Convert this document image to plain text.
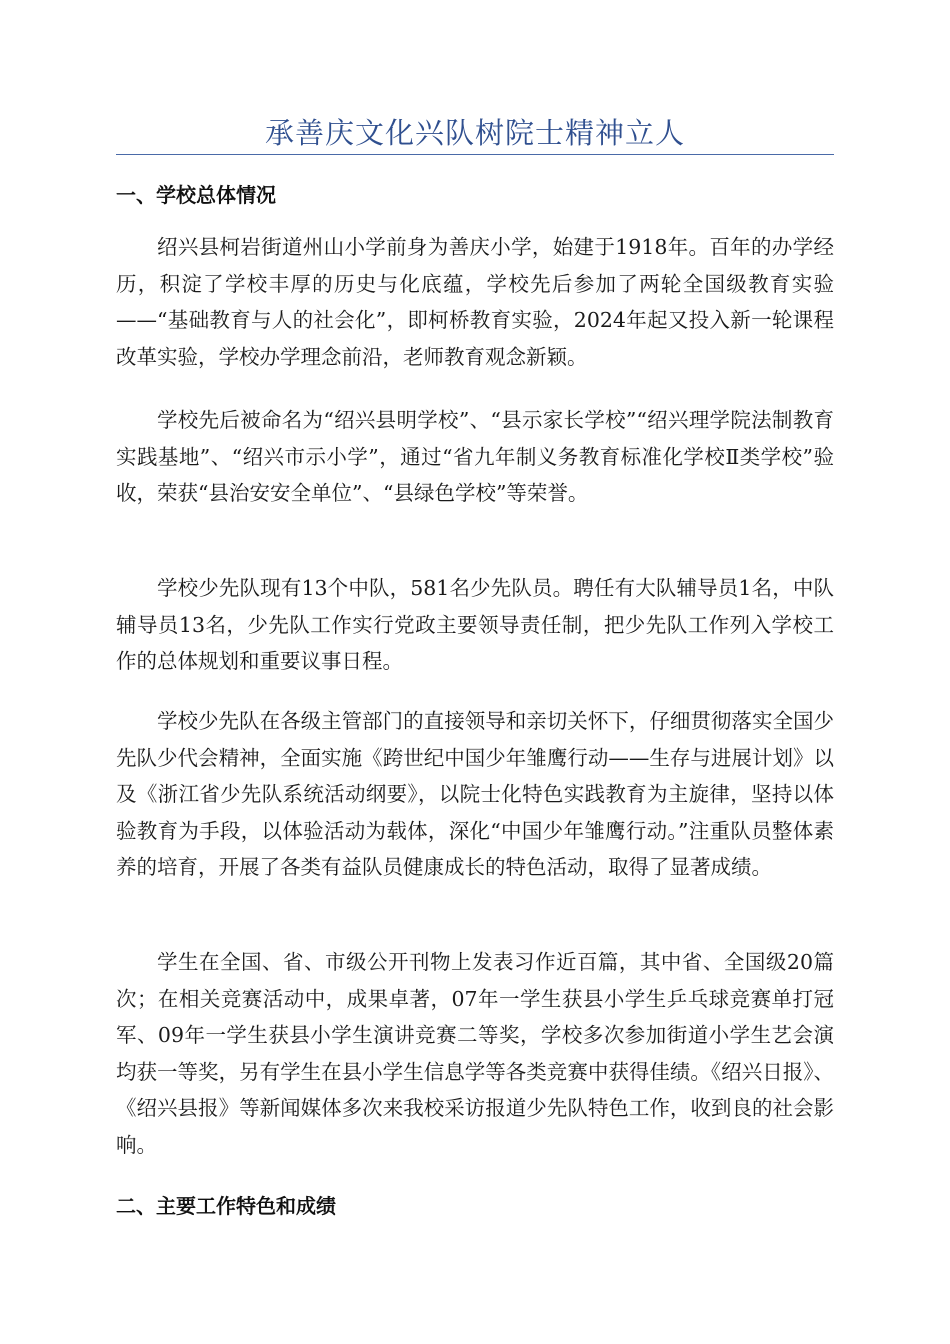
承善庆文化兴队树院士精神立人
一、学校总体情况
绍兴县柯岩街道州山小学前身为善庆小学，始建于1918年。百年的办学经历，积淀了学校丰厚的历史与化底蕴，学校先后参加了两轮全国级教育实验——“基础教育与人的社会化”，即柯桥教育实验，2024年起又投入新一轮课程改革实验，学校办学理念前沿，老师教育观念新颖。
学校先后被命名为“绍兴县明学校”、“县示家长学校”“绍兴理学院法制教育实践基地”、“绍兴市示小学”，通过“省九年制义务教育标准化学校Ⅱ类学校”验收，荣获“县治安安全单位”、“县绿色学校”等荣誉。
学校少先队现有13个中队，581名少先队员。聘任有大队辅导员1名，中队辅导员13名，少先队工作实行党政主要领导责任制，把少先队工作列入学校工作的总体规划和重要议事日程。
学校少先队在各级主管部门的直接领导和亲切关怀下，仔细贯彻落实全国少先队少代会精神，全面实施《跨世纪中国少年雏鹰行动——生存与进展计划》以及《浙江省少先队系统活动纲要》，以院士化特色实践教育为主旋律，坚持以体验教育为手段，以体验活动为载体，深化“中国少年雏鹰行动。”注重队员整体素养的培育，开展了各类有益队员健康成长的特色活动，取得了显著成绩。
学生在全国、省、市级公开刊物上发表习作近百篇，其中省、全国级20篇次；在相关竞赛活动中，成果卓著，07年一学生获县小学生乒乓球竞赛单打冠军、09年一学生获县小学生演讲竞赛二等奖，学校多次参加街道小学生艺会演均获一等奖，另有学生在县小学生信息学等各类竞赛中获得佳绩。《绍兴日报》、《绍兴县报》等新闻媒体多次来我校采访报道少先队特色工作，收到良的社会影响。
二、主要工作特色和成绩
